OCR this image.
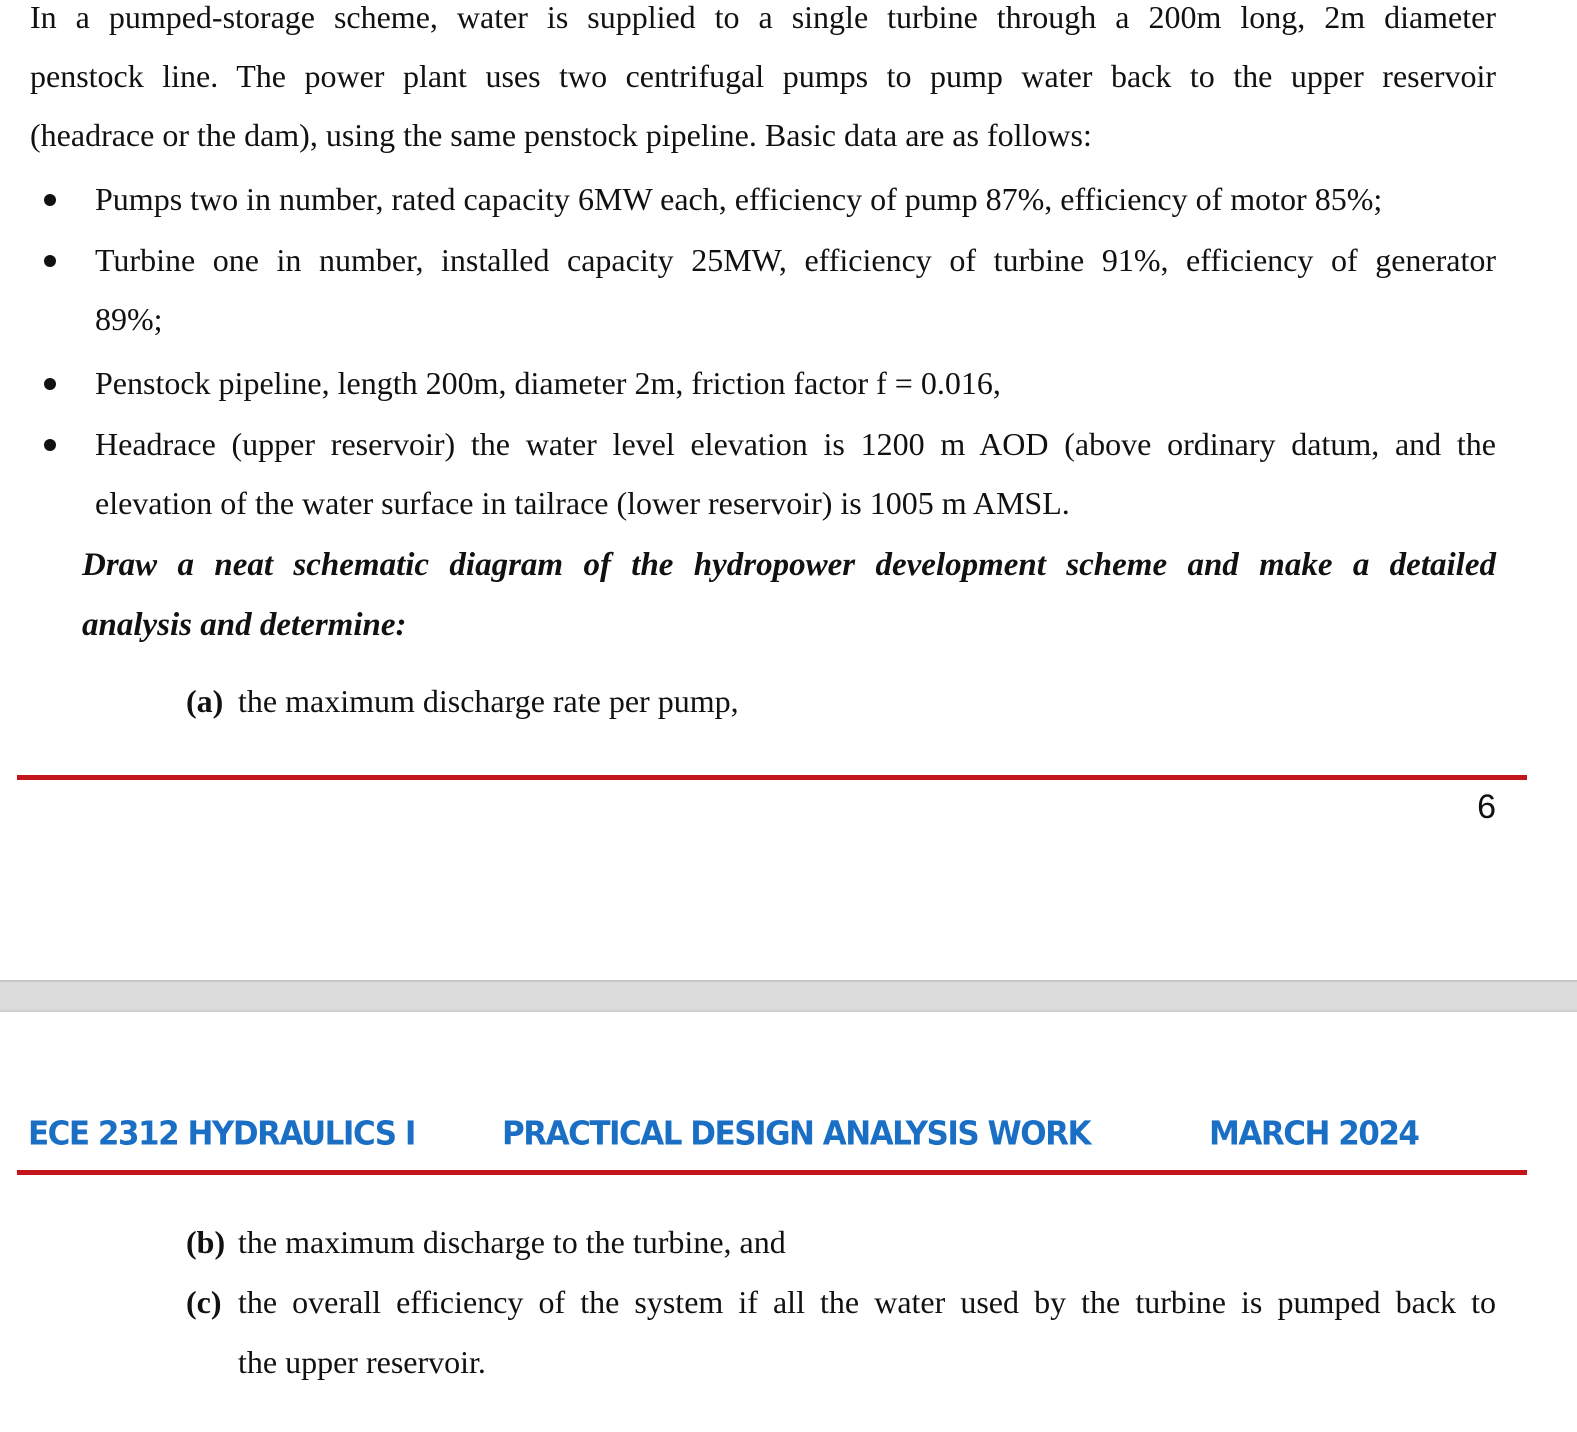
In a pumped-storage scheme, water is supplied to a single turbine through a 200m long, 2m diameter
penstock line. The power plant uses two centrifugal pumps to pump water back to the upper reservoir
(headrace or the dam), using the same penstock pipeline. Basic data are as follows:
Pumps two in number, rated capacity 6MW each, efficiency of pump 87%, efficiency of motor 85%;
Turbine one in number, installed capacity 25MW, efficiency of turbine 91%, efficiency of generator
89%;
Penstock pipeline, length 200m, diameter 2m, friction factor f = 0.016,
Headrace (upper reservoir) the water level elevation is 1200 m AOD (above ordinary datum, and the
elevation of the water surface in tailrace (lower reservoir) is 1005 m AMSL.
Draw a neat schematic diagram of the hydropower development scheme and make a detailed
analysis and determine:
(a) the maximum discharge rate per pump,
6
ECE 2312 HYDRAULICS I	PRACTICAL DESIGN ANALYSIS WORK	MARCH 2024
(b) the maximum discharge to the turbine, and
(c) the overall efficiency of the system if all the water used by the turbine is pumped back to
the upper reservoir.
